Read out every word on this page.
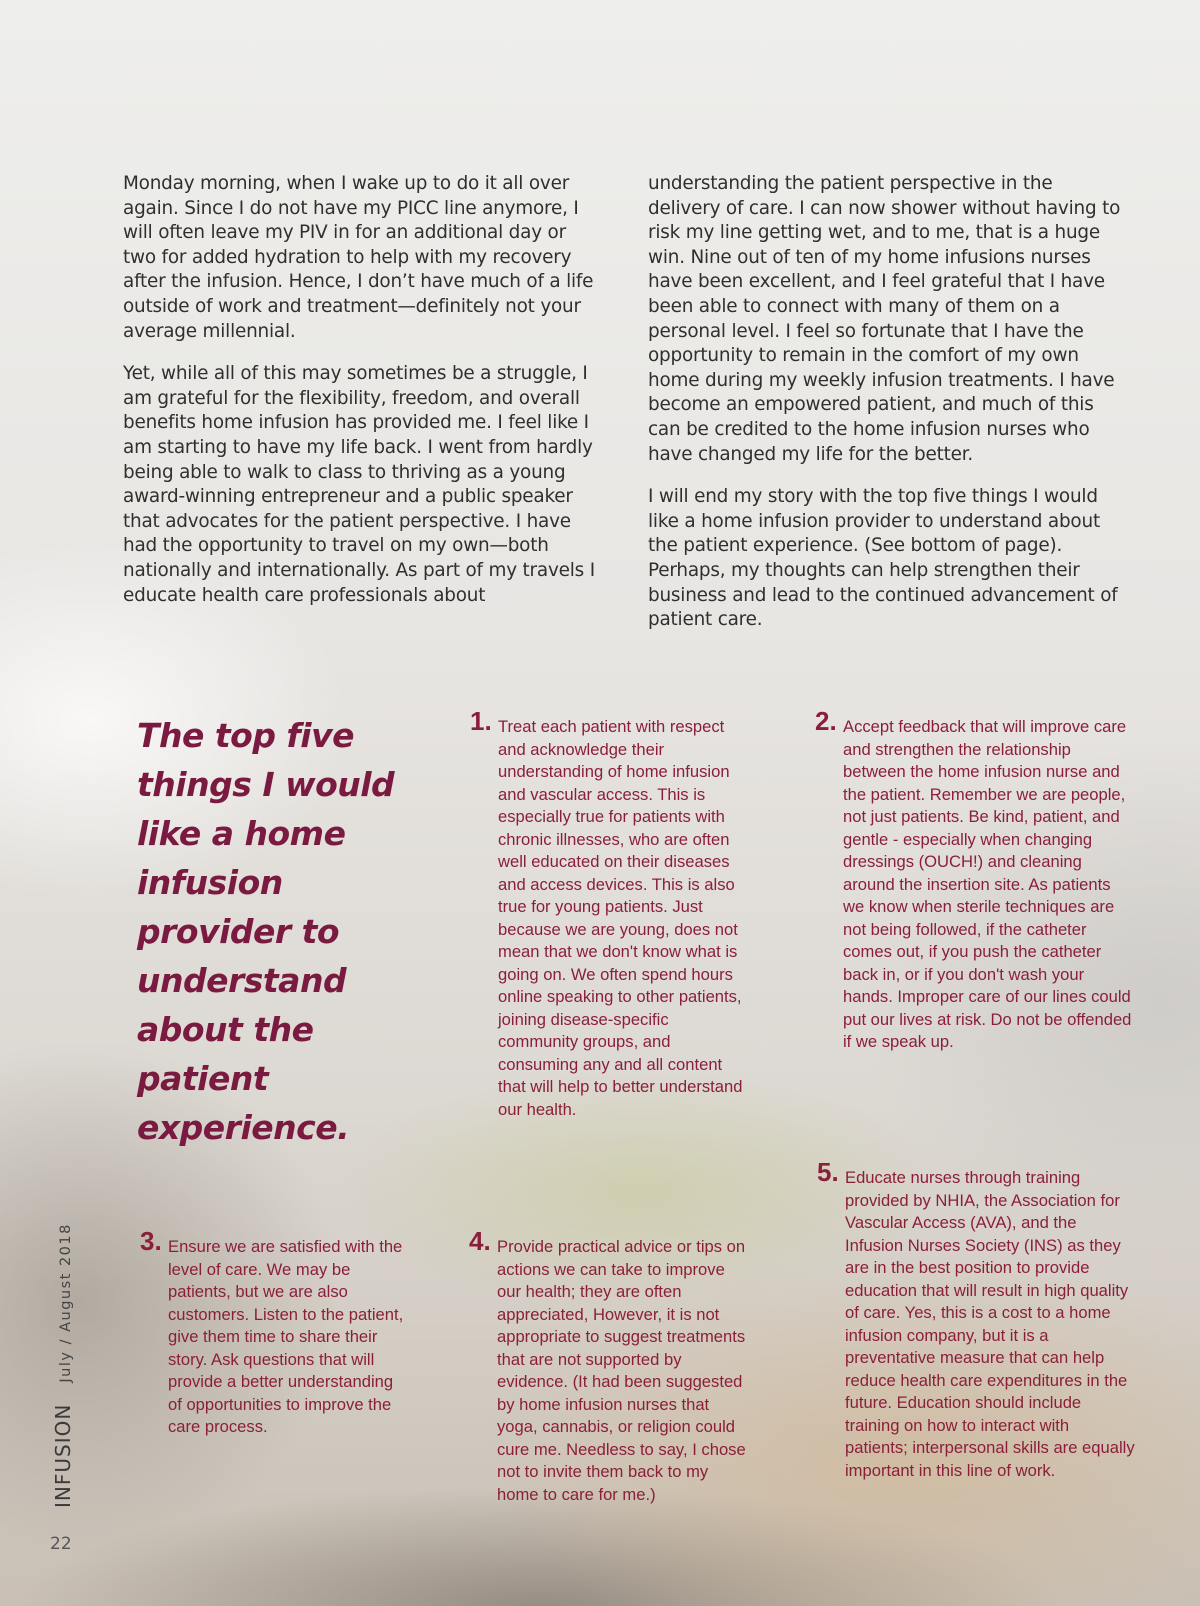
Monday morning, when I wake up to do it all over again. Since I do not have my PICC line anymore, I will often leave my PIV in for an additional day or two for added hydration to help with my recovery after the infusion. Hence, I don’t have much of a life outside of work and treatment—definitely not your average millennial.

Yet, while all of this may sometimes be a struggle, I am grateful for the flexibility, freedom, and overall benefits home infusion has provided me. I feel like I am starting to have my life back. I went from hardly being able to walk to class to thriving as a young award-winning entrepreneur and a public speaker that advocates for the patient perspective. I have had the opportunity to travel on my own—both nationally and internationally. As part of my travels I educate health care professionals about

understanding the patient perspective in the delivery of care. I can now shower without having to risk my line getting wet, and to me, that is a huge win. Nine out of ten of my home infusions nurses have been excellent, and I feel grateful that I have been able to connect with many of them on a personal level. I feel so fortunate that I have the opportunity to remain in the comfort of my own home during my weekly infusion treatments. I have become an empowered patient, and much of this can be credited to the home infusion nurses who have changed my life for the better.

I will end my story with the top five things I would like a home infusion provider to understand about the patient experience. (See bottom of page). Perhaps, my thoughts can help strengthen their business and lead to the continued advancement of patient care.

The top five things I would like a home infusion provider to understand about the patient experience.
1. Treat each patient with respect and acknowledge their understanding of home infusion and vascular access. This is especially true for patients with chronic illnesses, who are often well educated on their diseases and access devices. This is also true for young patients. Just because we are young, does not mean that we don't know what is going on. We often spend hours online speaking to other patients, joining disease-specific community groups, and consuming any and all content that will help to better understand our health.
2. Accept feedback that will improve care and strengthen the relationship between the home infusion nurse and the patient. Remember we are people, not just patients. Be kind, patient, and gentle - especially when changing dressings (OUCH!) and cleaning around the insertion site. As patients we know when sterile techniques are not being followed, if the catheter comes out, if you push the catheter back in, or if you don't wash your hands. Improper care of our lines could put our lives at risk. Do not be offended if we speak up.
3. Ensure we are satisfied with the level of care. We may be patients, but we are also customers. Listen to the patient, give them time to share their story. Ask questions that will provide a better understanding of opportunities to improve the care process.
4. Provide practical advice or tips on actions we can take to improve our health; they are often appreciated, However, it is not appropriate to suggest treatments that are not supported by evidence. (It had been suggested by home infusion nurses that yoga, cannabis, or religion could cure me. Needless to say, I chose not to invite them back to my home to care for me.)
5. Educate nurses through training provided by NHIA, the Association for Vascular Access (AVA), and the Infusion Nurses Society (INS) as they are in the best position to provide education that will result in high quality of care. Yes, this is a cost to a home infusion company, but it is a preventative measure that can help reduce health care expenditures in the future. Education should include training on how to interact with patients; interpersonal skills are equally important in this line of work.
INFUSION July / August 2018
22
